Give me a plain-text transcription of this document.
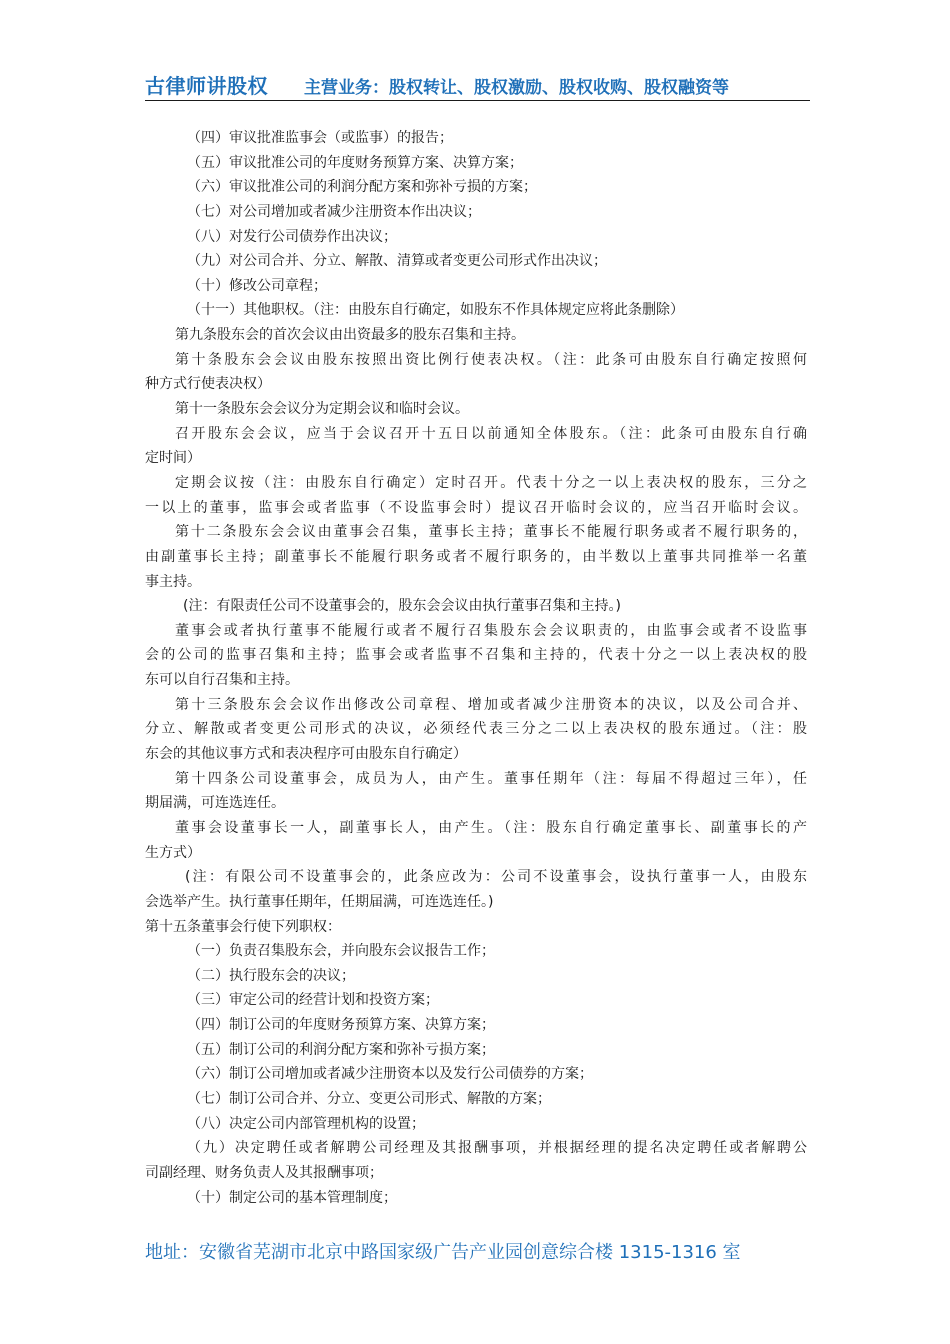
古律师讲股权 主营业务：股权转让、股权激励、股权收购、股权融资等
（四）审议批准监事会（或监事）的报告；
（五）审议批准公司的年度财务预算方案、决算方案；
（六）审议批准公司的利润分配方案和弥补亏损的方案；
（七）对公司增加或者减少注册资本作出决议；
（八）对发行公司债券作出决议；
（九）对公司合并、分立、解散、清算或者变更公司形式作出决议；
（十）修改公司章程；
（十一）其他职权。（注：由股东自行确定，如股东不作具体规定应将此条删除）
第九条股东会的首次会议由出资最多的股东召集和主持。
第十条股东会会议由股东按照出资比例行使表决权。（注：此条可由股东自行确定按照何
种方式行使表决权）
第十一条股东会会议分为定期会议和临时会议。
召开股东会会议，应当于会议召开十五日以前通知全体股东。（注：此条可由股东自行确
定时间）
定期会议按（注：由股东自行确定）定时召开。代表十分之一以上表决权的股东，三分之
一以上的董事，监事会或者监事（不设监事会时）提议召开临时会议的，应当召开临时会议。
第十二条股东会会议由董事会召集，董事长主持；董事长不能履行职务或者不履行职务的，
由副董事长主持；副董事长不能履行职务或者不履行职务的，由半数以上董事共同推举一名董
事主持。
(注：有限责任公司不设董事会的，股东会会议由执行董事召集和主持。)
董事会或者执行董事不能履行或者不履行召集股东会会议职责的，由监事会或者不设监事
会的公司的监事召集和主持；监事会或者监事不召集和主持的，代表十分之一以上表决权的股
东可以自行召集和主持。
第十三条股东会会议作出修改公司章程、增加或者减少注册资本的决议，以及公司合并、
分立、解散或者变更公司形式的决议，必须经代表三分之二以上表决权的股东通过。（注：股
东会的其他议事方式和表决程序可由股东自行确定）
第十四条公司设董事会，成员为人，由产生。董事任期年（注：每届不得超过三年），任
期届满，可连选连任。
董事会设董事长一人，副董事长人，由产生。（注：股东自行确定董事长、副董事长的产
生方式）
(注：有限公司不设董事会的，此条应改为：公司不设董事会，设执行董事一人，由股东
会选举产生。执行董事任期年，任期届满，可连选连任。)
第十五条董事会行使下列职权：
（一）负责召集股东会，并向股东会议报告工作；
（二）执行股东会的决议；
（三）审定公司的经营计划和投资方案；
（四）制订公司的年度财务预算方案、决算方案；
（五）制订公司的利润分配方案和弥补亏损方案；
（六）制订公司增加或者减少注册资本以及发行公司债券的方案；
（七）制订公司合并、分立、变更公司形式、解散的方案；
（八）决定公司内部管理机构的设置；
（九）决定聘任或者解聘公司经理及其报酬事项，并根据经理的提名决定聘任或者解聘公
司副经理、财务负责人及其报酬事项；
（十）制定公司的基本管理制度；
地址：安徽省芜湖市北京中路国家级广告产业园创意综合楼 1315-1316 室
